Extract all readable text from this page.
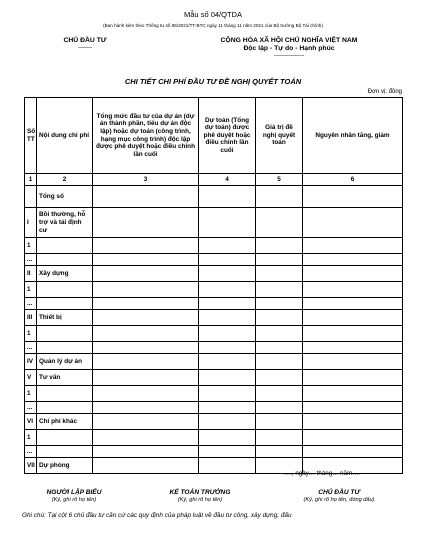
Mẫu số 04/QTDA
(Ban hành kèm theo Thông tư số 96/2021/TT-BTC ngày 11 tháng 11 năm 2021 của Bộ trưởng Bộ Tài chính)
CHỦ ĐẦU TƯ
-------
CỘNG HÒA XÃ HỘI CHỦ NGHĨA VIỆT NAM
Độc lập - Tự do - Hạnh phúc
---------------
CHI TIẾT CHI PHÍ ĐẦU TƯ ĐỀ NGHỊ QUYẾT TOÁN
Đơn vị: đồng
Số TT	Nội dung chi phí	Tổng mức đầu tư của dự án (dự án thành phần, tiểu dự án độc lập) hoặc dự toán (công trình, hạng mục công trình) độc lập được phê duyệt hoặc điều chỉnh lần cuối	Dự toán (Tổng dự toán) được phê duyệt hoặc điều chỉnh lần cuối	Giá trị đề nghị quyết toán	Nguyên nhân tăng, giảm
1	2	3	4	5	6
	Tổng số				
I	Bồi thường, hỗ trợ và tái định cư				
1					
...					
II	Xây dựng				
1					
...					
III	Thiết bị				
1					
...					
IV	Quản lý dự án				
V	Tư vấn				
1					
...					
VI	Chi phí khác				
1					
...					
VII	Dự phòng				
…., ngày… tháng… năm….
NGƯỜI LẬP BIỂU
(Ký, ghi rõ họ tên)
KẾ TOÁN TRƯỞNG
(Ký, ghi rõ họ tên)
CHỦ ĐẦU TƯ
(Ký, ghi rõ họ tên, đóng dấu)
Ghi chú: Tại cột 6 chủ đầu tư căn cứ các quy định của pháp luật về đầu tư công, xây dựng, đấu
